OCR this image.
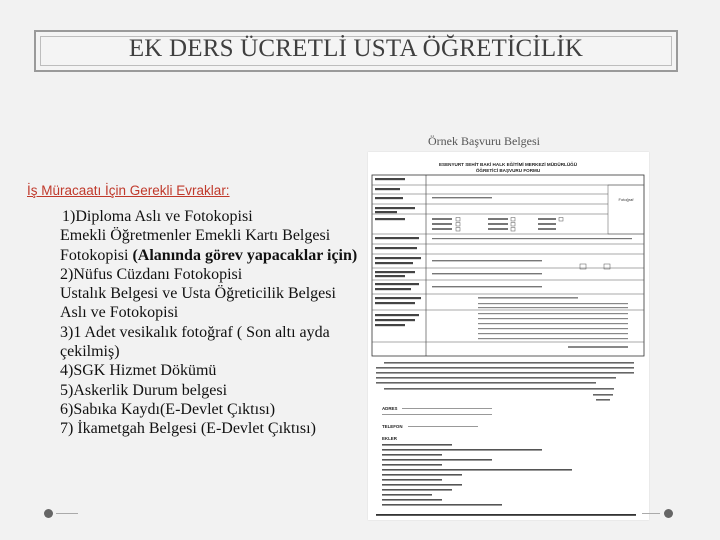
EK DERS ÜCRETLİ USTA ÖĞRETİCİLİK
Örnek Başvuru Belgesi
İş Müracaatı İçin Gerekli Evraklar:

1)Diploma Aslı ve Fotokopisi

Emekli Öğretmenler Emekli Kartı Belgesi Fotokopisi (Alanında görev yapacaklar için)

2)Nüfus Cüzdanı Fotokopisi

Ustalık Belgesi ve Usta Öğreticilik Belgesi Aslı ve Fotokopisi

3)1 Adet vesikalık fotoğraf ( Son altı ayda çekilmiş)

4)SGK Hizmet Dökümü

5)Askerlik Durum belgesi

6)Sabıka Kaydı(E-Devlet Çıktısı)

7) İkametgah Belgesi (E-Devlet Çıktısı)

ESENYURT SEHİT BAKİ HALK EĞİTİMİ MERKEZİ MÜDÜRLÜĞÜ
ÖĞRETİCİ BAŞVURU FORMU
Fotoğraf
ADRES
TELEFON
EKLER
